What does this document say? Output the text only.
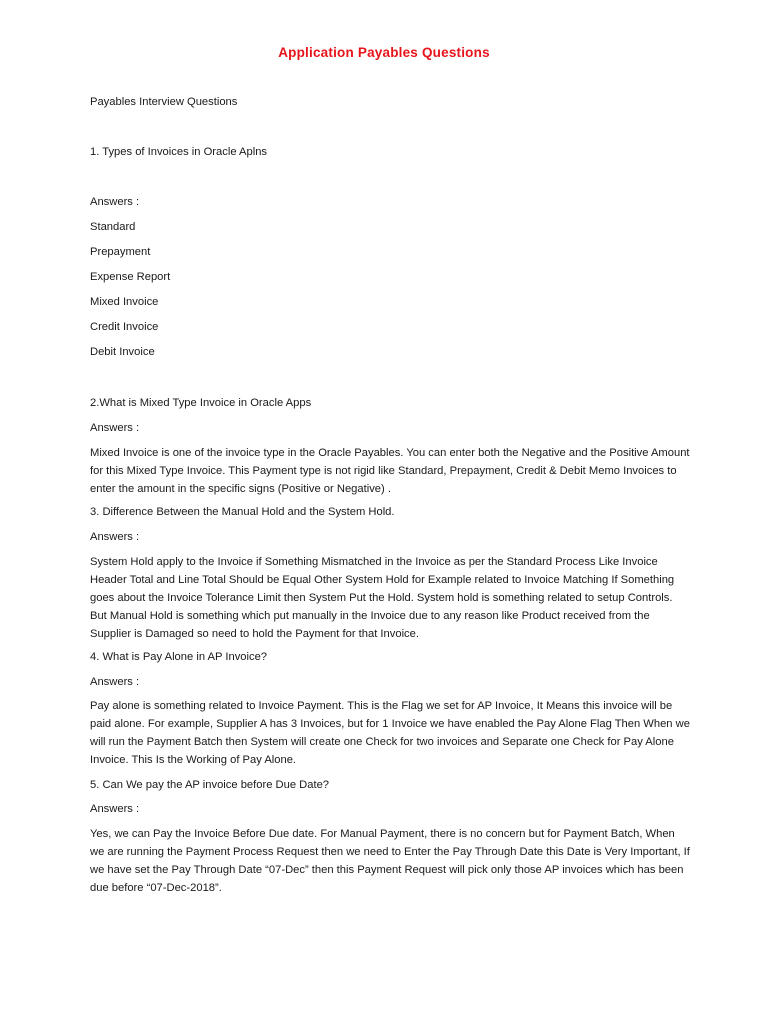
Application Payables Questions
Payables Interview Questions
1. Types of Invoices in Oracle Aplns
Answers :
Standard
Prepayment
Expense Report
Mixed Invoice
Credit Invoice
Debit Invoice
2.What is Mixed Type Invoice in Oracle Apps
Answers :
Mixed Invoice is one of the invoice type in the Oracle Payables. You can enter both the Negative and the Positive Amount for this Mixed Type Invoice. This Payment type is not rigid like Standard, Prepayment, Credit & Debit Memo Invoices to enter the amount in the specific signs (Positive or Negative) .
3. Difference Between the Manual Hold and the System Hold.
Answers :
System Hold apply to the Invoice if Something Mismatched in the Invoice as per the Standard Process Like Invoice Header Total and Line Total Should be Equal Other System Hold for Example related to Invoice Matching If Something goes about the Invoice Tolerance Limit then System Put the Hold. System hold is something related to setup Controls. But Manual Hold is something which put manually in the Invoice due to any reason like Product received from the Supplier is Damaged so need to hold the Payment for that Invoice.
4. What is Pay Alone in AP Invoice?
Answers :
Pay alone is something related to Invoice Payment. This is the Flag we set for AP Invoice, It Means this invoice will be paid alone. For example, Supplier A has 3 Invoices, but for 1 Invoice we have enabled the Pay Alone Flag Then When we will run the Payment Batch then System will create one Check for two invoices and Separate one Check for Pay Alone Invoice. This Is the Working of Pay Alone.
5. Can We pay the AP invoice before Due Date?
Answers :
Yes, we can Pay the Invoice Before Due date. For Manual Payment, there is no concern but for Payment Batch, When we are running the Payment Process Request then we need to Enter the Pay Through Date this Date is Very Important, If we have set the Pay Through Date “07-Dec” then this Payment Request will pick only those AP invoices which has been due before “07-Dec-2018”.
